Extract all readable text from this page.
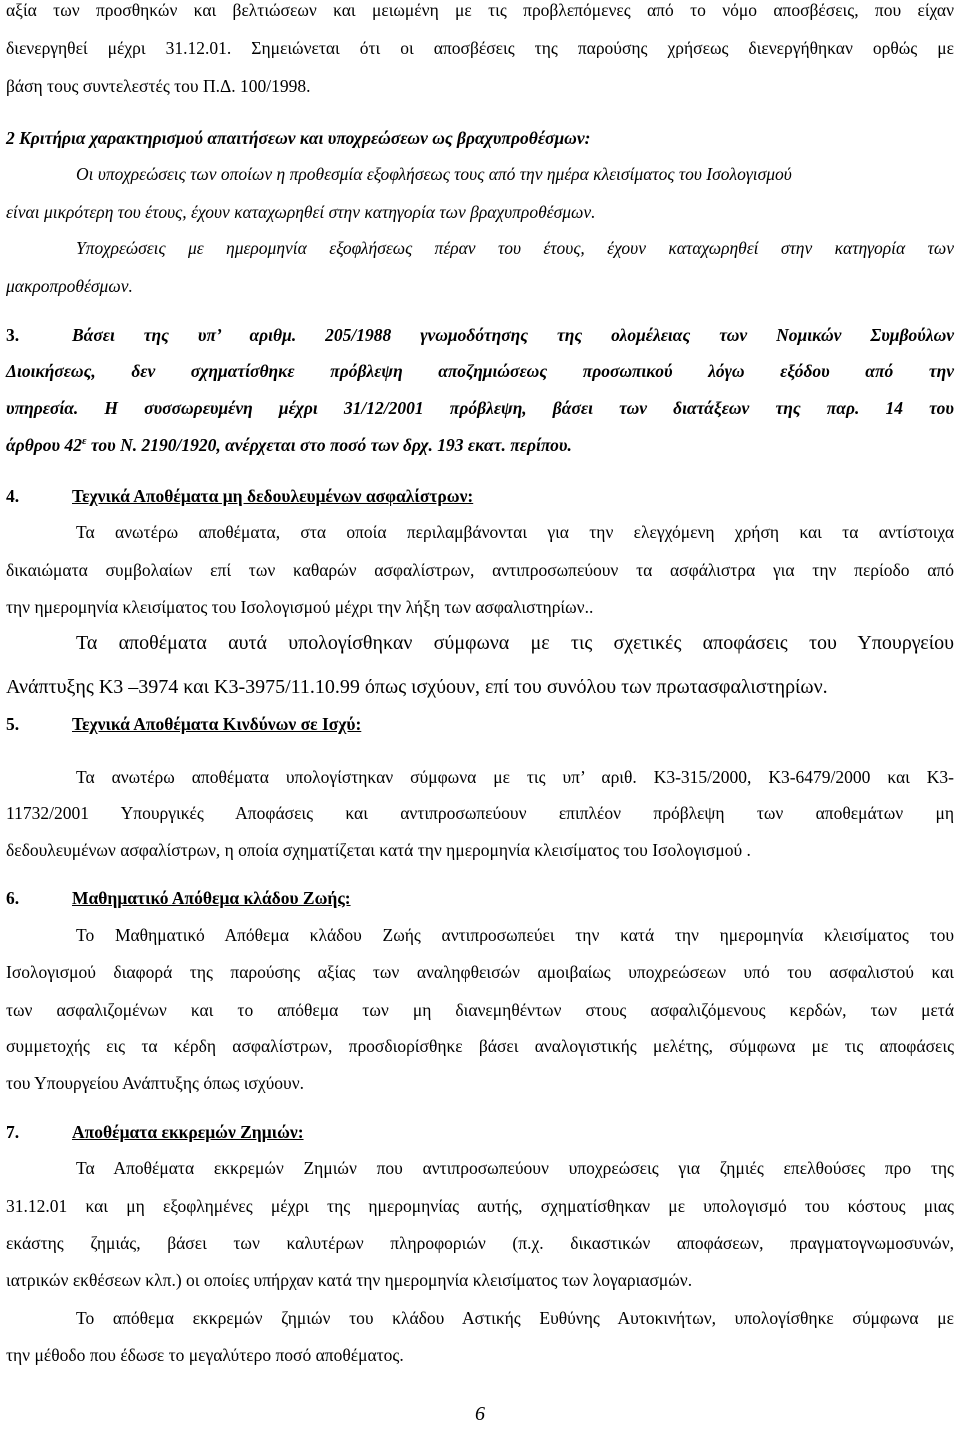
αξία των προσθηκών και βελτιώσεων και μειωμένη με τις προβλεπόμενες από το νόμο αποσβέσεις, που είχαν
διενεργηθεί μέχρι 31.12.01. Σημειώνεται ότι οι αποσβέσεις της παρούσης χρήσεως διενεργήθηκαν ορθώς με
βάση τους συντελεστές του Π.Δ. 100/1998.
2 Κριτήρια χαρακτηρισμού απαιτήσεων και υποχρεώσεων ως βραχυπροθέσμων:
Οι υποχρεώσεις των οποίων η προθεσμία εξοφλήσεως τους από την ημέρα κλεισίματος του Ισολογισμού
είναι μικρότερη του έτους, έχουν καταχωρηθεί στην κατηγορία των βραχυπροθέσμων.
Υποχρεώσεις με ημερομηνία εξοφλήσεως πέραν του έτους, έχουν καταχωρηθεί στην κατηγορία των
μακροπροθέσμων.
3.	Βάσει της υπ’ αριθμ. 205/1988 γνωμοδότησης της ολομέλειας των Νομικών Συμβούλων
Διοικήσεως, δεν σχηματίσθηκε πρόβλεψη αποζημιώσεως προσωπικού λόγω εξόδου από την
υπηρεσία. Η συσσωρευμένη μέχρι 31/12/2001 πρόβλεψη, βάσει των διατάξεων της παρ. 14 του
άρθρου $42^\varepsilon$ του Ν. 2190/1920, ανέρχεται στο ποσό των δρχ. 193 εκατ. περίπου.
4.	Τεχνικά Αποθέματα μη δεδουλευμένων ασφαλίστρων:
Τα ανωτέρω αποθέματα, στα οποία περιλαμβάνονται για την ελεγχόμενη χρήση και τα αντίστοιχα
δικαιώματα συμβολαίων επί των καθαρών ασφαλίστρων, αντιπροσωπεύουν τα ασφάλιστρα για την περίοδο από
την ημερομηνία κλεισίματος του Ισολογισμού μέχρι την λήξη των ασφαλιστηρίων..
Τα αποθέματα αυτά υπολογίσθηκαν σύμφωνα με τις σχετικές αποφάσεις του Υπουργείου
Ανάπτυξης Κ3 –3974 και Κ3-3975/11.10.99 όπως ισχύουν, επί του συνόλου των πρωτασφαλιστηρίων.
5.	Τεχνικά Αποθέματα Κινδύνων σε Ισχύ:
Τα ανωτέρω αποθέματα υπολογίστηκαν σύμφωνα με τις υπ’ αριθ. Κ3-315/2000, Κ3-6479/2000 και Κ3-
11732/2001 Υπουργικές Αποφάσεις και αντιπροσωπεύουν επιπλέον πρόβλεψη των αποθεμάτων μη
δεδουλευμένων ασφαλίστρων, η οποία σχηματίζεται κατά την ημερομηνία κλεισίματος του Ισολογισμού .
6.	Μαθηματικό Απόθεμα κλάδου Ζωής:
Το Μαθηματικό Απόθεμα κλάδου Ζωής αντιπροσωπεύει την κατά την ημερομηνία κλεισίματος του
Ισολογισμού διαφορά της παρούσης αξίας των αναληφθεισών αμοιβαίως υποχρεώσεων υπό του ασφαλιστού και
των ασφαλιζομένων και το απόθεμα των μη διανεμηθέντων στους ασφαλιζόμενους κερδών, των μετά
συμμετοχής εις τα κέρδη ασφαλίστρων, προσδιορίσθηκε βάσει αναλογιστικής μελέτης, σύμφωνα με τις αποφάσεις
του Υπουργείου Ανάπτυξης όπως ισχύουν.
7.	Αποθέματα εκκρεμών Ζημιών:
Τα Αποθέματα εκκρεμών Ζημιών που αντιπροσωπεύουν υποχρεώσεις για ζημιές επελθούσες προ της
31.12.01 και μη εξοφλημένες μέχρι της ημερομηνίας αυτής, σχηματίσθηκαν με υπολογισμό του κόστους μιας
εκάστης ζημιάς, βάσει των καλυτέρων πληροφοριών (π.χ. δικαστικών αποφάσεων, πραγματογνωμοσυνών,
ιατρικών εκθέσεων κλπ.) οι οποίες υπήρχαν κατά την ημερομηνία κλεισίματος των λογαριασμών.
Το απόθεμα εκκρεμών ζημιών του κλάδου Αστικής Ευθύνης Αυτοκινήτων, υπολογίσθηκε σύμφωνα με
την μέθοδο που έδωσε το μεγαλύτερο ποσό αποθέματος.
6
